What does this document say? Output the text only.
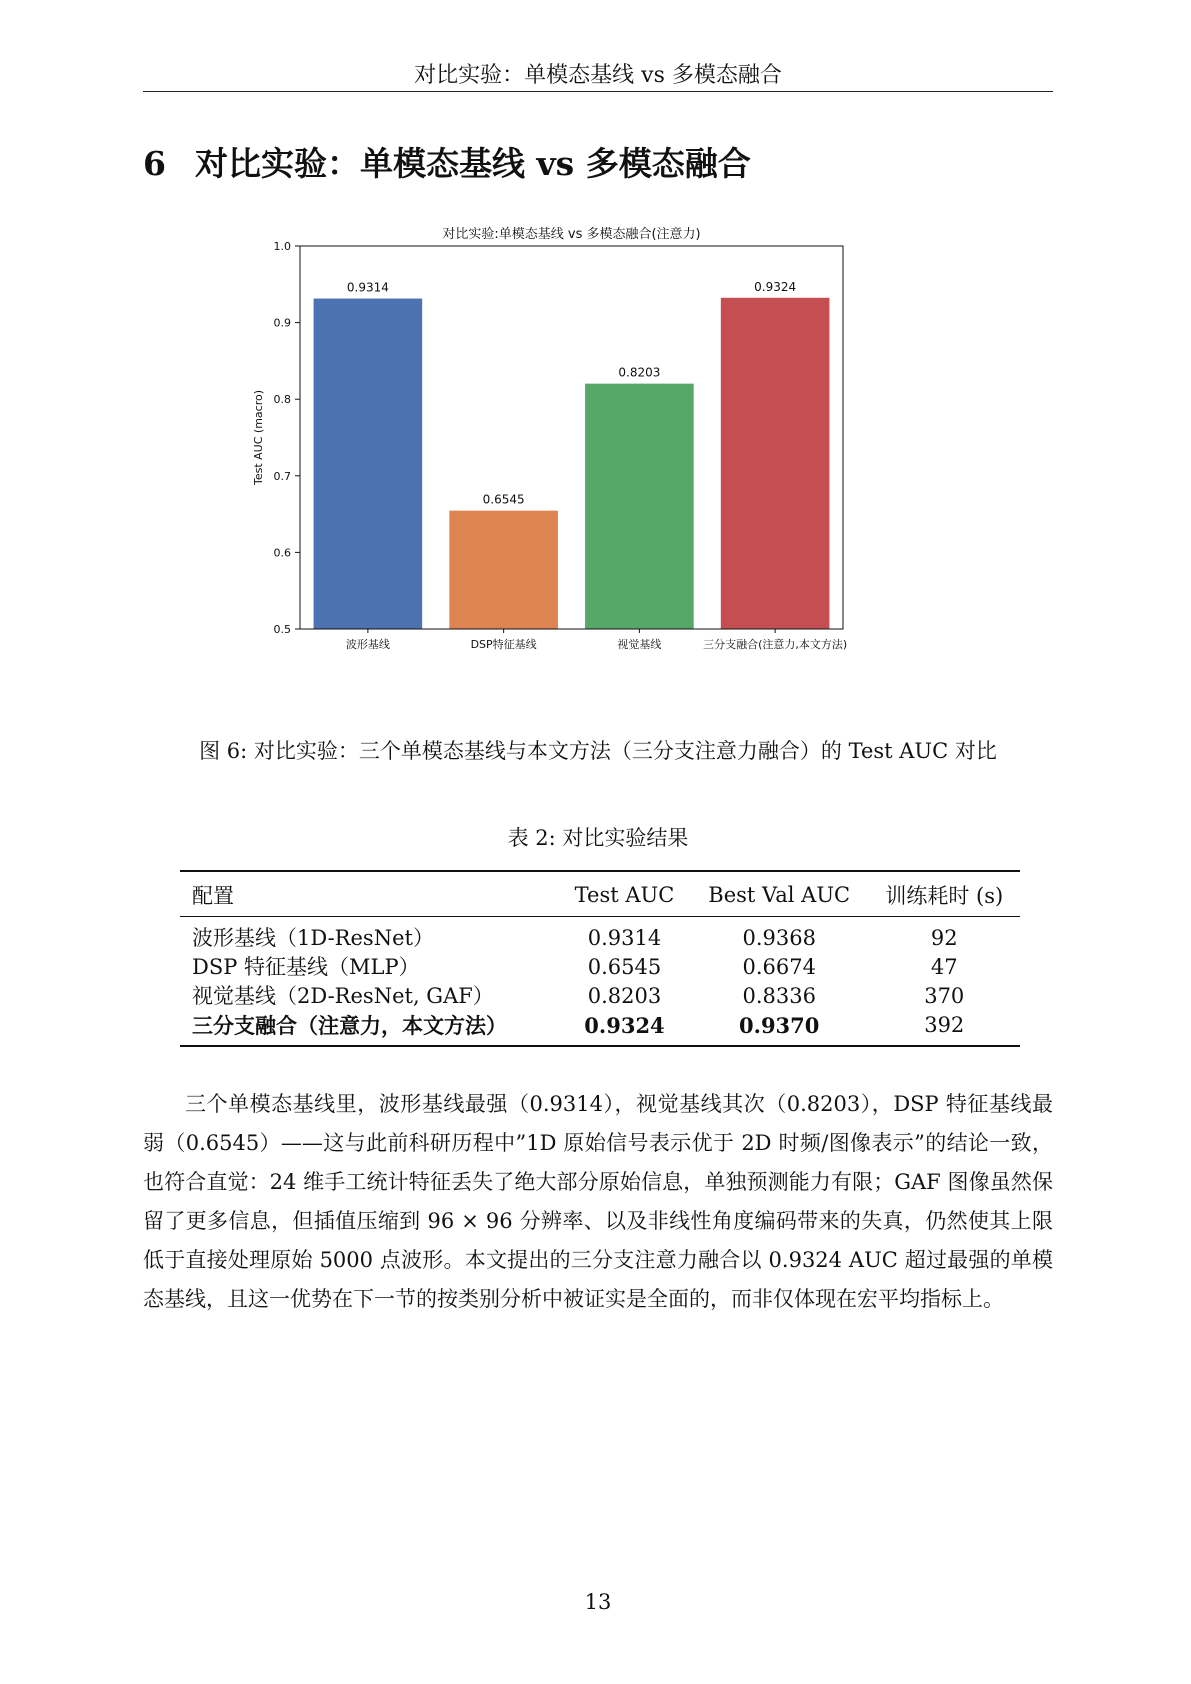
对比实验：单模态基线 vs 多模态融合
6 对比实验：单模态基线 vs 多模态融合
对比实验:单模态基线 vs 多模态融合(注意力)
0.5
0.6
0.7
0.8
0.9
1.0
Test AUC (macro)
0.9314
波形基线
0.6545
DSP特征基线
0.8203
视觉基线
0.9324
三分支融合(注意力,本文方法)
图 6: 对比实验：三个单模态基线与本文方法（三分支注意力融合）的 Test AUC 对比
表 2: 对比实验结果
配置	Test AUC	Best Val AUC	训练耗时 (s)
波形基线（1D-ResNet）	0.9314	0.9368	92
DSP 特征基线（MLP）	0.6545	0.6674	47
视觉基线（2D-ResNet, GAF）	0.8203	0.8336	370
三分支融合（注意力，本文方法）	0.9324	0.9370	392
三个单模态基线里，波形基线最强（0.9314），视觉基线其次（0.8203），DSP 特征基线最弱（0.6545）——这与此前科研历程中”1D 原始信号表示优于 2D 时频/图像表示”的结论一致，也符合直觉：24 维手工统计特征丢失了绝大部分原始信息，单独预测能力有限；GAF 图像虽然保留了更多信息，但插值压缩到 96 × 96 分辨率、以及非线性角度编码带来的失真，仍然使其上限低于直接处理原始 5000 点波形。本文提出的三分支注意力融合以 0.9324 AUC 超过最强的单模态基线，且这一优势在下一节的按类别分析中被证实是全面的，而非仅体现在宏平均指标上。
13
